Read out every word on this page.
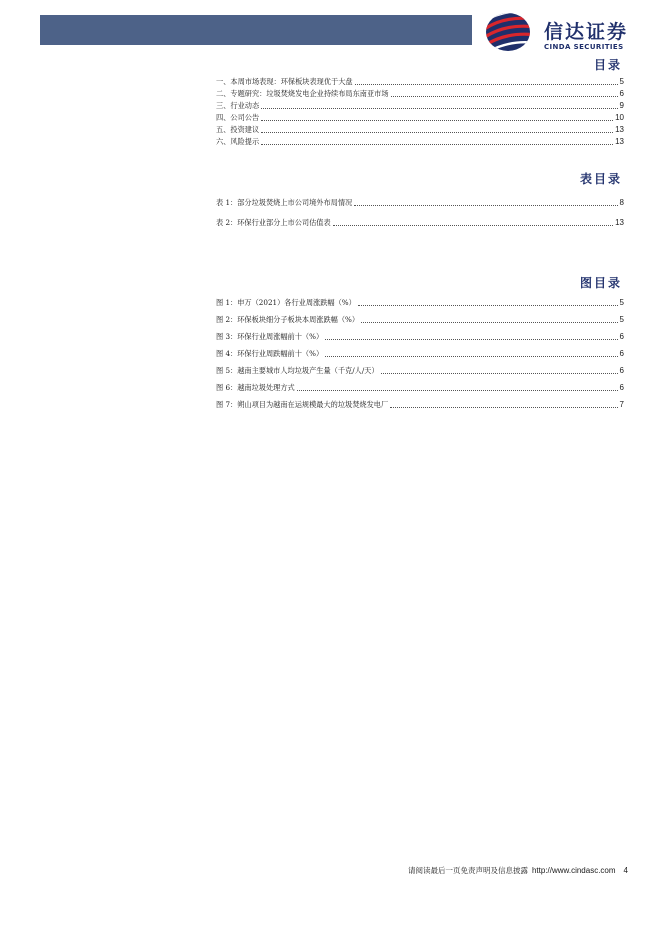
信达证券
CINDA SECURITIES
目录
一、本周市场表现：环保板块表现优于大盘	5
二、专题研究：垃圾焚烧发电企业持续布局东南亚市场	6
三、行业动态	9
四、公司公告	10
五、投资建议	13
六、风险提示	13
表目录
表 1：部分垃圾焚烧上市公司境外布局情况	8
表 2：环保行业部分上市公司估值表	13
图目录
图 1：申万（2021）各行业周涨跌幅（%）	5
图 2：环保板块细分子板块本周涨跌幅（%）	5
图 3：环保行业周涨幅前十（%）	6
图 4：环保行业周跌幅前十（%）	6
图 5：越南主要城市人均垃圾产生量（千克/人/天）	6
图 6：越南垃圾处理方式	6
图 7：朔山项目为越南在运规模最大的垃圾焚烧发电厂	7
请阅读最后一页免责声明及信息披露 http://www.cindasc.com 4
